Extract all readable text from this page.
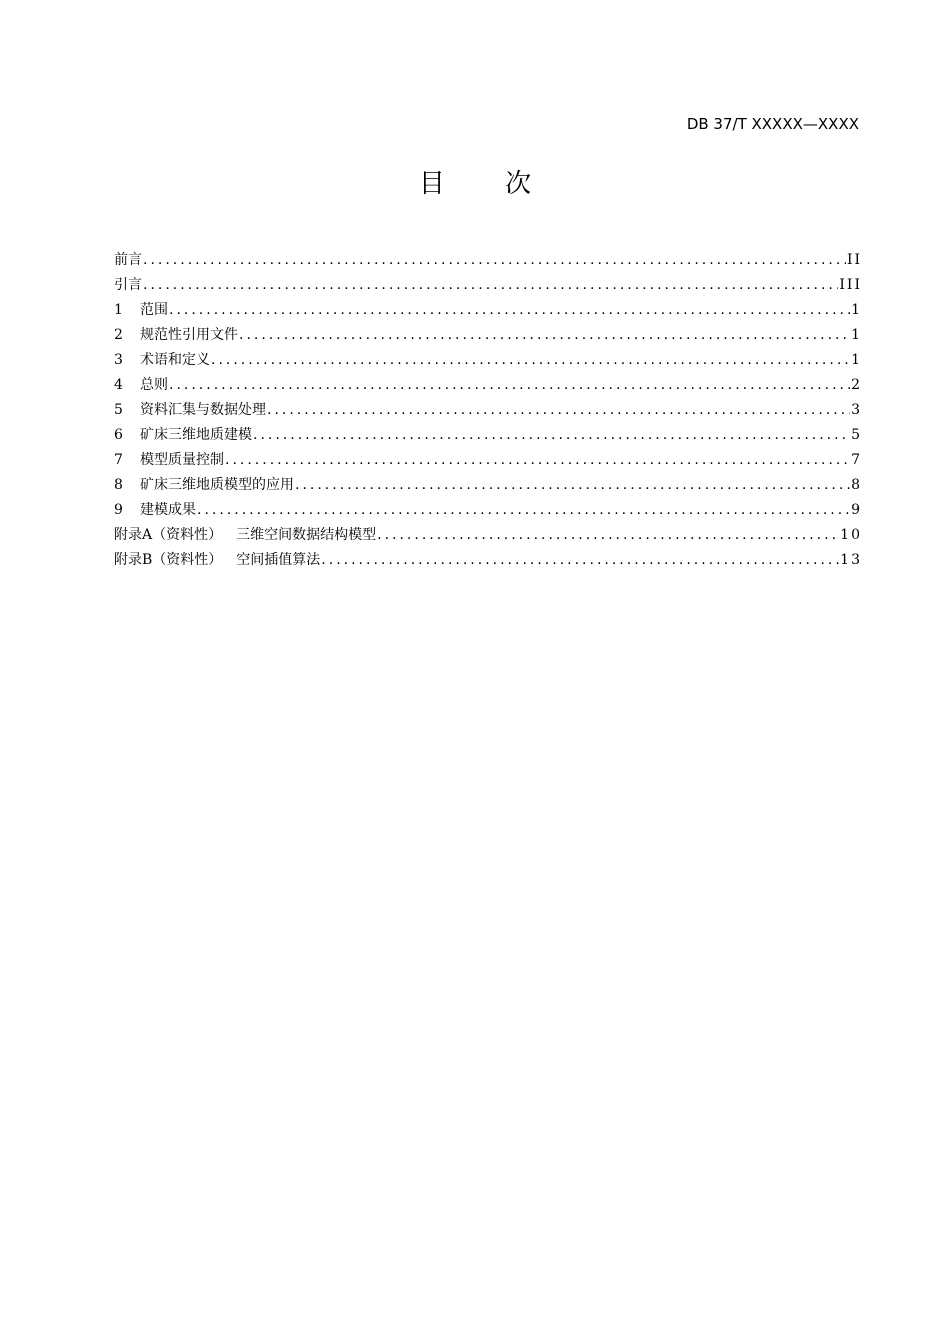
DB 37/T XXXXX—XXXX
目 次
前言 .....	II
引言 .....	III
1 范围 .....	1
2 规范性引用文件 .....	1
3 术语和定义 .....	1
4 总则 .....	2
5 资料汇集与数据处理 .....	3
6 矿床三维地质建模 .....	5
7 模型质量控制 .....	7
8 矿床三维地质模型的应用 .....	8
9 建模成果 .....	9
附录A（资料性） 三维空间数据结构模型 .....	10
附录B（资料性） 空间插值算法 .....	13
